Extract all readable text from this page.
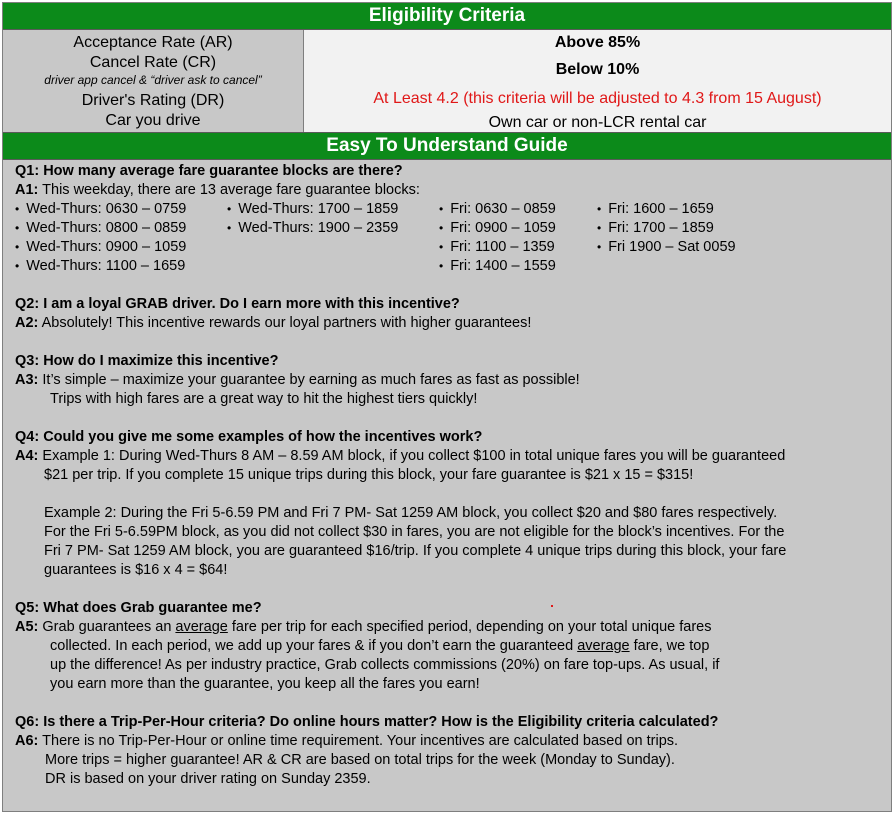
Eligibility Criteria
Acceptance Rate (AR)
Cancel Rate (CR)
driver app cancel & “driver ask to cancel”
Driver's Rating (DR)
Car you drive
Above 85%
Below 10%
At Least 4.2 (this criteria will be adjusted to 4.3 from 15 August)
Own car or non-LCR rental car
Easy To Understand Guide
Q1: How many average fare guarantee blocks are there?
A1: This weekday, there are 13 average fare guarantee blocks:
• Wed-Thurs: 0630 – 0759
• Wed-Thurs: 0800 – 0859
• Wed-Thurs: 0900 – 1059
• Wed-Thurs: 1100 – 1659
• Wed-Thurs: 1700 – 1859
• Wed-Thurs: 1900 – 2359
• Fri: 0630 – 0859
• Fri: 0900 – 1059
• Fri: 1100 – 1359
• Fri: 1400 – 1559
• Fri: 1600 – 1659
• Fri: 1700 – 1859
• Fri 1900 – Sat 0059
Q2: I am a loyal GRAB driver. Do I earn more with this incentive?
A2: Absolutely! This incentive rewards our loyal partners with higher guarantees!
Q3: How do I maximize this incentive?
A3: It’s simple – maximize your guarantee by earning as much fares as fast as possible!
Trips with high fares are a great way to hit the highest tiers quickly!
Q4: Could you give me some examples of how the incentives work?
A4: Example 1: During Wed-Thurs 8 AM – 8.59 AM block, if you collect $100 in total unique fares you will be guaranteed
$21 per trip. If you complete 15 unique trips during this block, your fare guarantee is $21 x 15 = $315!
Example 2: During the Fri 5-6.59 PM and Fri 7 PM- Sat 1259 AM block, you collect $20 and $80 fares respectively.
For the Fri 5-6.59PM block, as you did not collect $30 in fares, you are not eligible for the block’s incentives. For the
Fri 7 PM- Sat 1259 AM block, you are guaranteed $16/trip. If you complete 4 unique trips during this block, your fare
guarantees is $16 x 4 = $64!
Q5: What does Grab guarantee me?
A5: Grab guarantees an average fare per trip for each specified period, depending on your total unique fares
collected. In each period, we add up your fares & if you don’t earn the guaranteed average fare, we top
up the difference! As per industry practice, Grab collects commissions (20%) on fare top-ups. As usual, if
you earn more than the guarantee, you keep all the fares you earn!
Q6: Is there a Trip-Per-Hour criteria? Do online hours matter? How is the Eligibility criteria calculated?
A6: There is no Trip-Per-Hour or online time requirement. Your incentives are calculated based on trips.
More trips = higher guarantee! AR & CR are based on total trips for the week (Monday to Sunday).
DR is based on your driver rating on Sunday 2359.
